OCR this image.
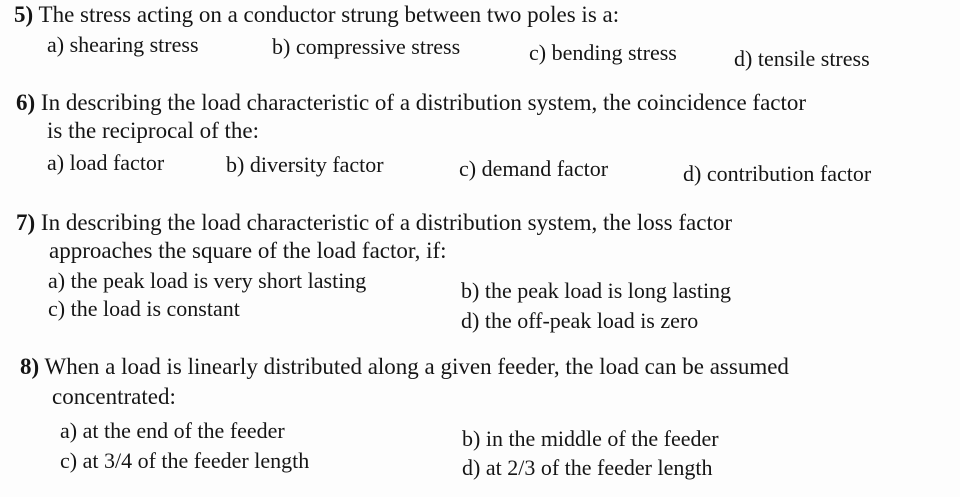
5) The stress acting on a conductor strung between two poles is a:
a) shearing stress	b) compressive stress	c) bending stress	d) tensile stress
6) In describing the load characteristic of a distribution system, the coincidence factor
is the reciprocal of the:
a) load factor	b) diversity factor	c) demand factor	d) contribution factor
7) In describing the load characteristic of a distribution system, the loss factor
approaches the square of the load factor, if:
a) the peak load is very short lasting	b) the peak load is long lasting
c) the load is constant	d) the off-peak load is zero
8) When a load is linearly distributed along a given feeder, the load can be assumed
concentrated:
a) at the end of the feeder	b) in the middle of the feeder
c) at 3/4 of the feeder length	d) at 2/3 of the feeder length
